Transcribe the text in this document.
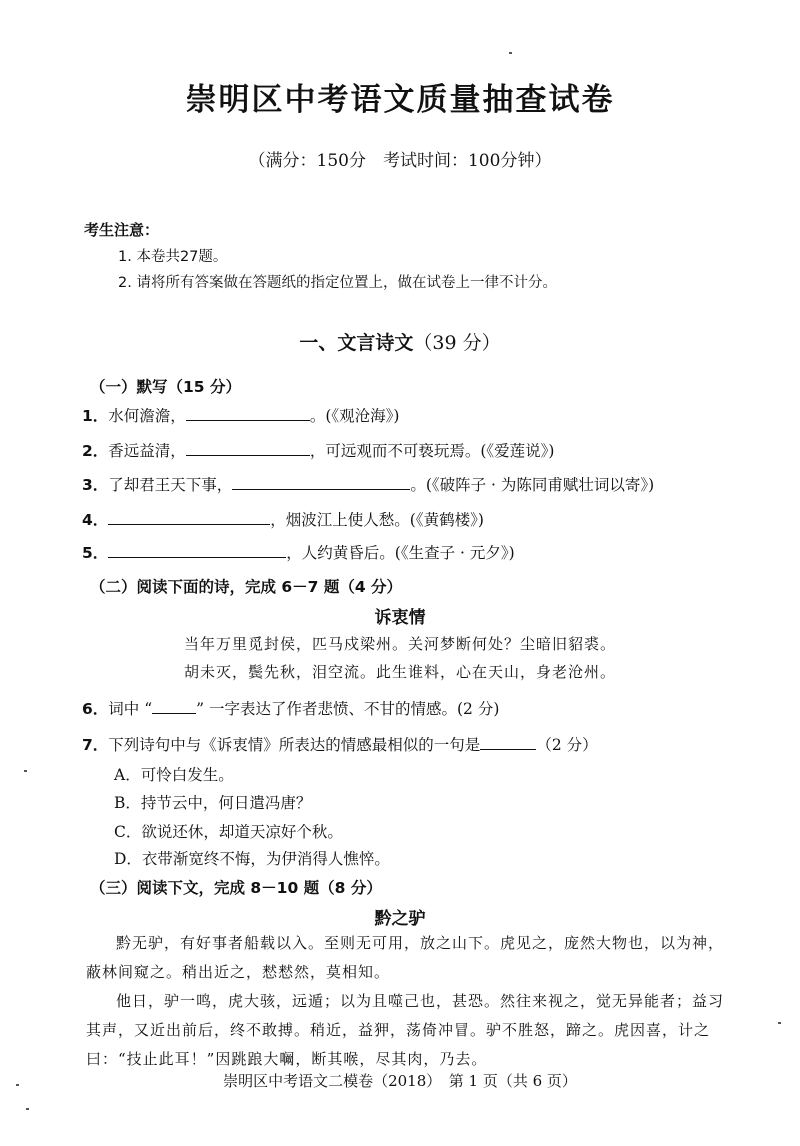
崇明区中考语文质量抽查试卷
（满分：150分　考试时间：100分钟）
考生注意：
1. 本卷共27题。
2. 请将所有答案做在答题纸的指定位置上，做在试卷上一律不计分。
一、文言诗文（39 分）
（一）默写（15 分）
1．水何澹澹，	。(《观沧海》)
2．香远益清，	，可远观而不可亵玩焉。(《爱莲说》)
3．了却君王天下事，	。(《破阵子 · 为陈同甫赋壮词以寄》)
4．	，烟波江上使人愁。(《黄鹤楼》)
5．	，人约黄昏后。(《生查子 · 元夕》)
（二）阅读下面的诗，完成 6－7 题（4 分）
诉衷情
当年万里觅封侯，匹马戍梁州。关河梦断何处？尘暗旧貂裘。
胡未灭，鬓先秋，泪空流。此生谁料，心在天山，身老沧州。
6．词中 “	” 一字表达了作者悲愤、不甘的情感。(2 分)
7．下列诗句中与《诉衷情》所表达的情感最相似的一句是	（2 分）
A．可怜白发生。
B．持节云中，何日遣冯唐？
C．欲说还休，却道天凉好个秋。
D．衣带渐宽终不悔，为伊消得人憔悴。
（三）阅读下文，完成 8－10 题（8 分）
黔之驴
黔无驴，有好事者船载以入。至则无可用，放之山下。虎见之，庞然大物也，以为神，蔽林间窥之。稍出近之，慭慭然，莫相知。
他日，驴一鸣，虎大骇，远遁；以为且噬己也，甚恐。然往来视之，觉无异能者；益习其声，又近出前后，终不敢搏。稍近，益狎，荡倚冲冒。驴不胜怒，蹄之。虎因喜，计之曰：“技止此耳！”因跳踉大㘎，断其喉，尽其肉，乃去。
崇明区中考语文二模卷（2018）　第 1 页（共 6 页）
